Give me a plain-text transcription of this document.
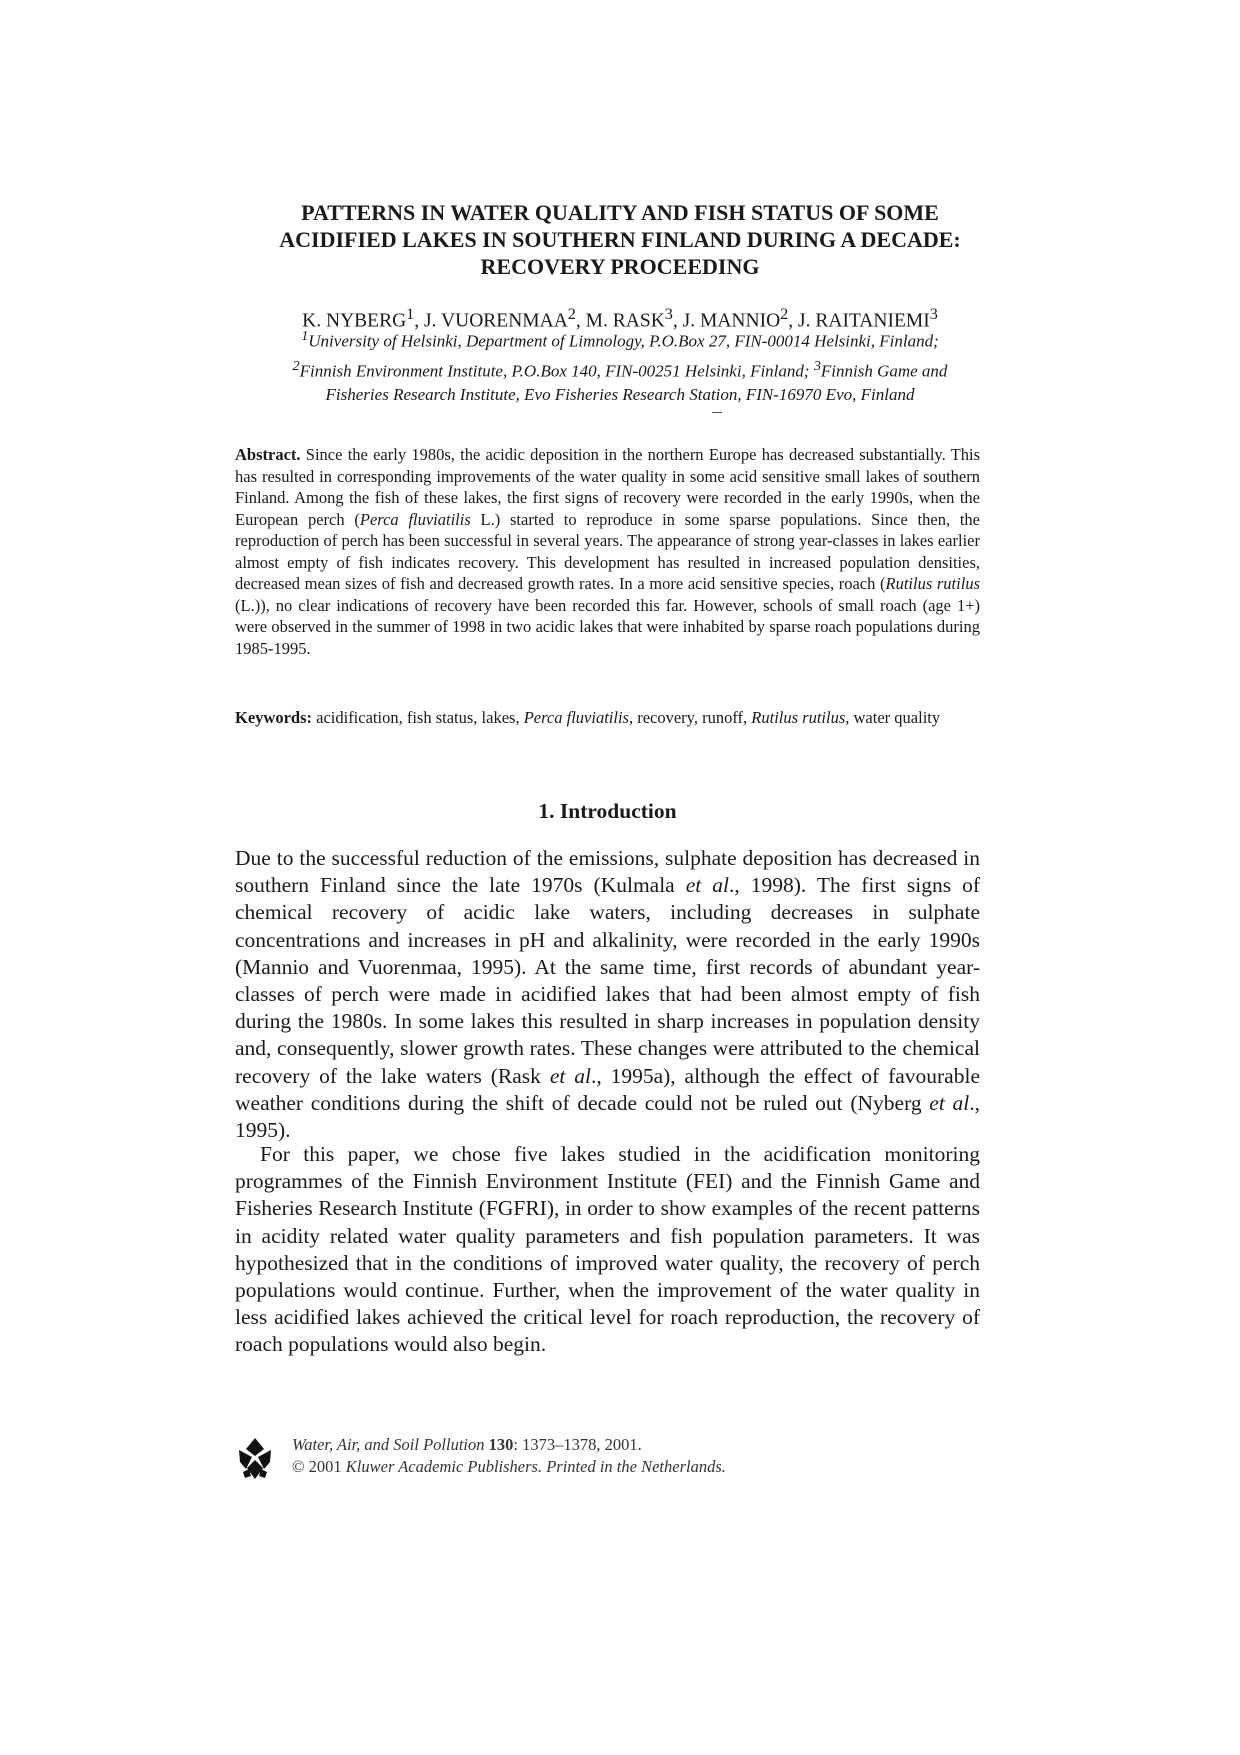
PATTERNS IN WATER QUALITY AND FISH STATUS OF SOME
ACIDIFIED LAKES IN SOUTHERN FINLAND DURING A DECADE:
RECOVERY PROCEEDING

K. NYBERG$^1$, J. VUORENMAA$^2$, M. RASK$^3$, J. MANNIO$^2$, J. RAITANIEMI$^3$

$^1$University of Helsinki, Department of Limnology, P.O.Box 27, FIN-00014 Helsinki, Finland;
$^2$Finnish Environment Institute, P.O.Box 140, FIN-00251 Helsinki, Finland; $^3$Finnish Game and
Fisheries Research Institute, Evo Fisheries Research Station, FIN-16970 Evo, Finland

Abstract. Since the early 1980s, the acidic deposition in the northern Europe has decreased substantially. This has resulted in corresponding improvements of the water quality in some acid sensitive small lakes of southern Finland. Among the fish of these lakes, the first signs of recovery were recorded in the early 1990s, when the European perch (Perca fluviatilis L.) started to reproduce in some sparse populations. Since then, the reproduction of perch has been successful in several years. The appearance of strong year-classes in lakes earlier almost empty of fish indicates recovery. This development has resulted in increased population densities, decreased mean sizes of fish and decreased growth rates. In a more acid sensitive species, roach (Rutilus rutilus (L.)), no clear indications of recovery have been recorded this far. However, schools of small roach (age 1+) were observed in the summer of 1998 in two acidic lakes that were inhabited by sparse roach populations during 1985-1995.

Keywords: acidification, fish status, lakes, Perca fluviatilis, recovery, runoff, Rutilus rutilus, water quality

1. Introduction

Due to the successful reduction of the emissions, sulphate deposition has decreased in southern Finland since the late 1970s (Kulmala et al., 1998). The first signs of chemical recovery of acidic lake waters, including decreases in sulphate concentrations and increases in pH and alkalinity, were recorded in the early 1990s (Mannio and Vuorenmaa, 1995). At the same time, first records of abundant year-classes of perch were made in acidified lakes that had been almost empty of fish during the 1980s. In some lakes this resulted in sharp increases in population density and, consequently, slower growth rates. These changes were attributed to the chemical recovery of the lake waters (Rask et al., 1995a), although the effect of favourable weather conditions during the shift of decade could not be ruled out (Nyberg et al., 1995).

For this paper, we chose five lakes studied in the acidification monitoring programmes of the Finnish Environment Institute (FEI) and the Finnish Game and Fisheries Research Institute (FGFRI), in order to show examples of the recent patterns in acidity related water quality parameters and fish population parameters. It was hypothesized that in the conditions of improved water quality, the recovery of perch populations would continue. Further, when the improvement of the water quality in less acidified lakes achieved the critical level for roach reproduction, the recovery of roach populations would also begin.

Water, Air, and Soil Pollution 130: 1373–1378, 2001.
© 2001 Kluwer Academic Publishers. Printed in the Netherlands.
